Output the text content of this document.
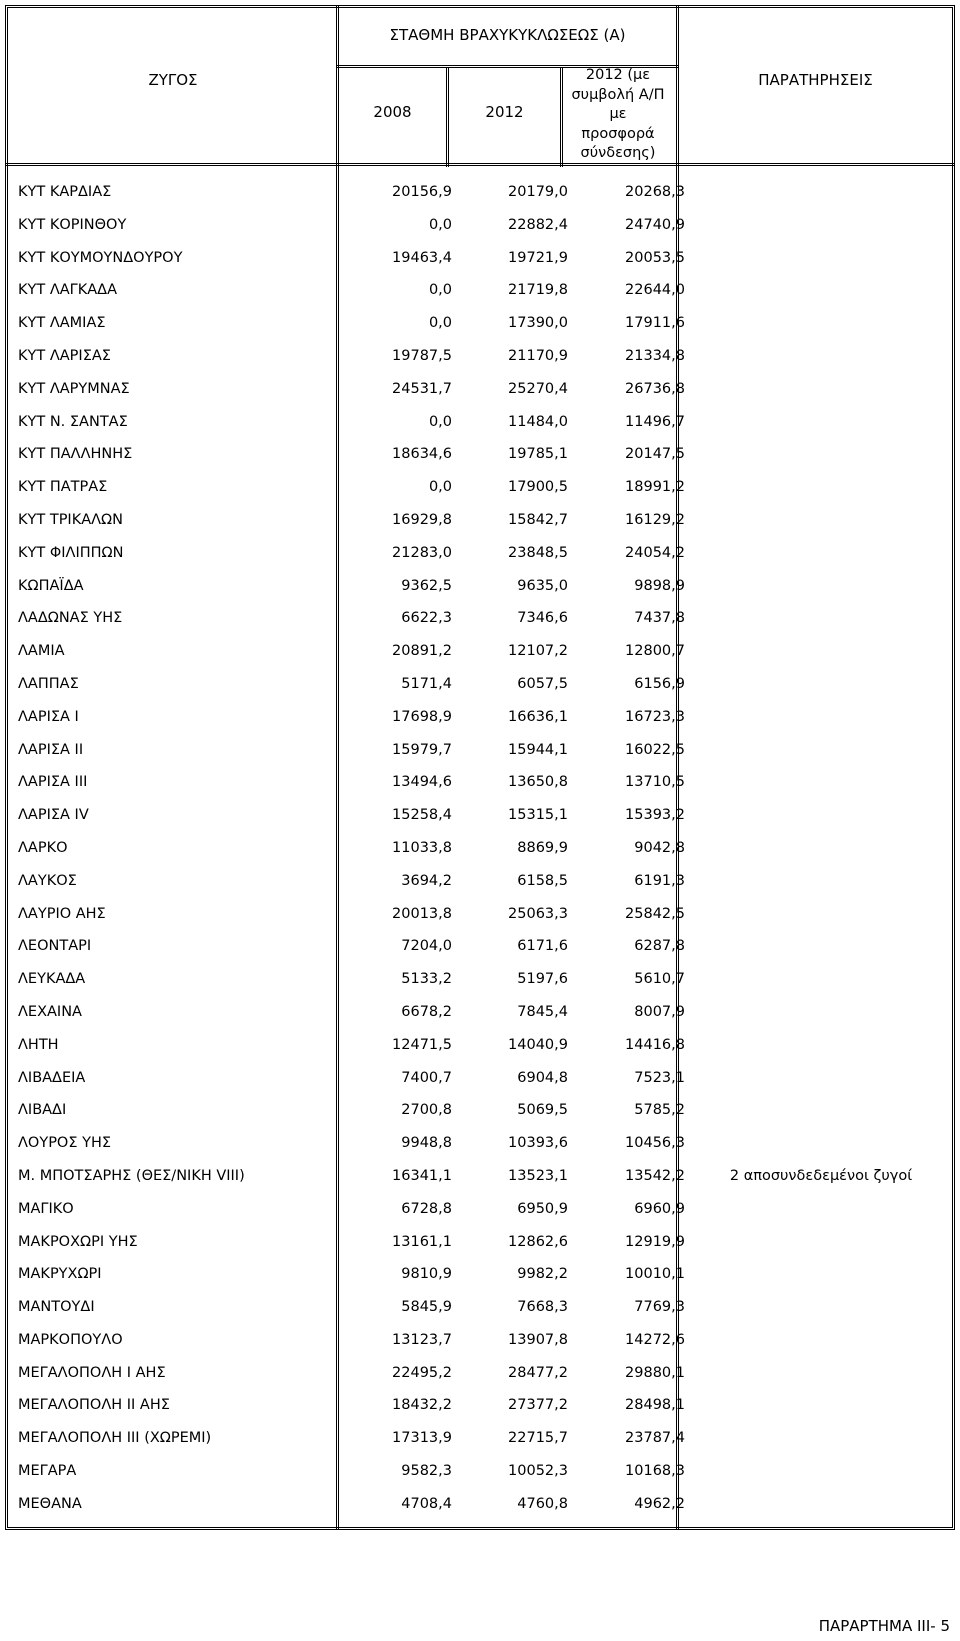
ΣΤΑΘΜΗ ΒΡΑΧΥΚΥΚΛΩΣΕΩΣ (Α)
ΖΥΓΟΣ
2008	2012
2012 (με συμβολή Α/Π με προσφορά σύνδεσης)
ΠΑΡΑΤΗΡΗΣΕΙΣ
ΚΥΤ ΚΑΡΔΙΑΣ	20156,9	20179,0	20268,3
ΚΥΤ ΚΟΡΙΝΘΟΥ	0,0	22882,4	24740,9
ΚΥΤ ΚΟΥΜΟΥΝΔΟΥΡΟΥ	19463,4	19721,9	20053,5
ΚΥΤ ΛΑΓΚΑΔΑ	0,0	21719,8	22644,0
ΚΥΤ ΛΑΜΙΑΣ	0,0	17390,0	17911,6
ΚΥΤ ΛΑΡΙΣΑΣ	19787,5	21170,9	21334,8
ΚΥΤ ΛΑΡΥΜΝΑΣ	24531,7	25270,4	26736,8
ΚΥΤ Ν. ΣΑΝΤΑΣ	0,0	11484,0	11496,7
ΚΥΤ ΠΑΛΛΗΝΗΣ	18634,6	19785,1	20147,5
ΚΥΤ ΠΑΤΡΑΣ	0,0	17900,5	18991,2
ΚΥΤ ΤΡΙΚΑΛΩΝ	16929,8	15842,7	16129,2
ΚΥΤ ΦΙΛΙΠΠΩΝ	21283,0	23848,5	24054,2
ΚΩΠΑΪΔΑ	9362,5	9635,0	9898,9
ΛΑΔΩΝΑΣ ΥΗΣ	6622,3	7346,6	7437,8
ΛΑΜΙΑ	20891,2	12107,2	12800,7
ΛΑΠΠΑΣ	5171,4	6057,5	6156,9
ΛΑΡΙΣΑ Ι	17698,9	16636,1	16723,3
ΛΑΡΙΣΑ ΙΙ	15979,7	15944,1	16022,5
ΛΑΡΙΣΑ ΙΙΙ	13494,6	13650,8	13710,5
ΛΑΡΙΣΑ IV	15258,4	15315,1	15393,2
ΛΑΡΚΟ	11033,8	8869,9	9042,8
ΛΑΥΚΟΣ	3694,2	6158,5	6191,3
ΛΑΥΡΙΟ ΑΗΣ	20013,8	25063,3	25842,5
ΛΕΟΝΤΑΡΙ	7204,0	6171,6	6287,8
ΛΕΥΚΑΔΑ	5133,2	5197,6	5610,7
ΛΕΧΑΙΝΑ	6678,2	7845,4	8007,9
ΛΗΤΗ	12471,5	14040,9	14416,8
ΛΙΒΑΔΕΙΑ	7400,7	6904,8	7523,1
ΛΙΒΑΔΙ	2700,8	5069,5	5785,2
ΛΟΥΡΟΣ ΥΗΣ	9948,8	10393,6	10456,3
Μ. ΜΠΟΤΣΑΡΗΣ (ΘΕΣ/ΝΙΚΗ VIII)	16341,1	13523,1	13542,2	2 αποσυνδεδεμένοι ζυγοί
ΜΑΓΙΚΟ	6728,8	6950,9	6960,9
ΜΑΚΡΟΧΩΡΙ ΥΗΣ	13161,1	12862,6	12919,9
ΜΑΚΡΥΧΩΡΙ	9810,9	9982,2	10010,1
ΜΑΝΤΟΥΔΙ	5845,9	7668,3	7769,3
ΜΑΡΚΟΠΟΥΛΟ	13123,7	13907,8	14272,6
ΜΕΓΑΛΟΠΟΛΗ Ι ΑΗΣ	22495,2	28477,2	29880,1
ΜΕΓΑΛΟΠΟΛΗ ΙΙ ΑΗΣ	18432,2	27377,2	28498,1
ΜΕΓΑΛΟΠΟΛΗ ΙΙΙ (ΧΩΡΕΜΙ)	17313,9	22715,7	23787,4
ΜΕΓΑΡΑ	9582,3	10052,3	10168,3
ΜΕΘΑΝΑ	4708,4	4760,8	4962,2
ΠΑΡΑΡΤΗΜΑ ΙΙΙ- 5
